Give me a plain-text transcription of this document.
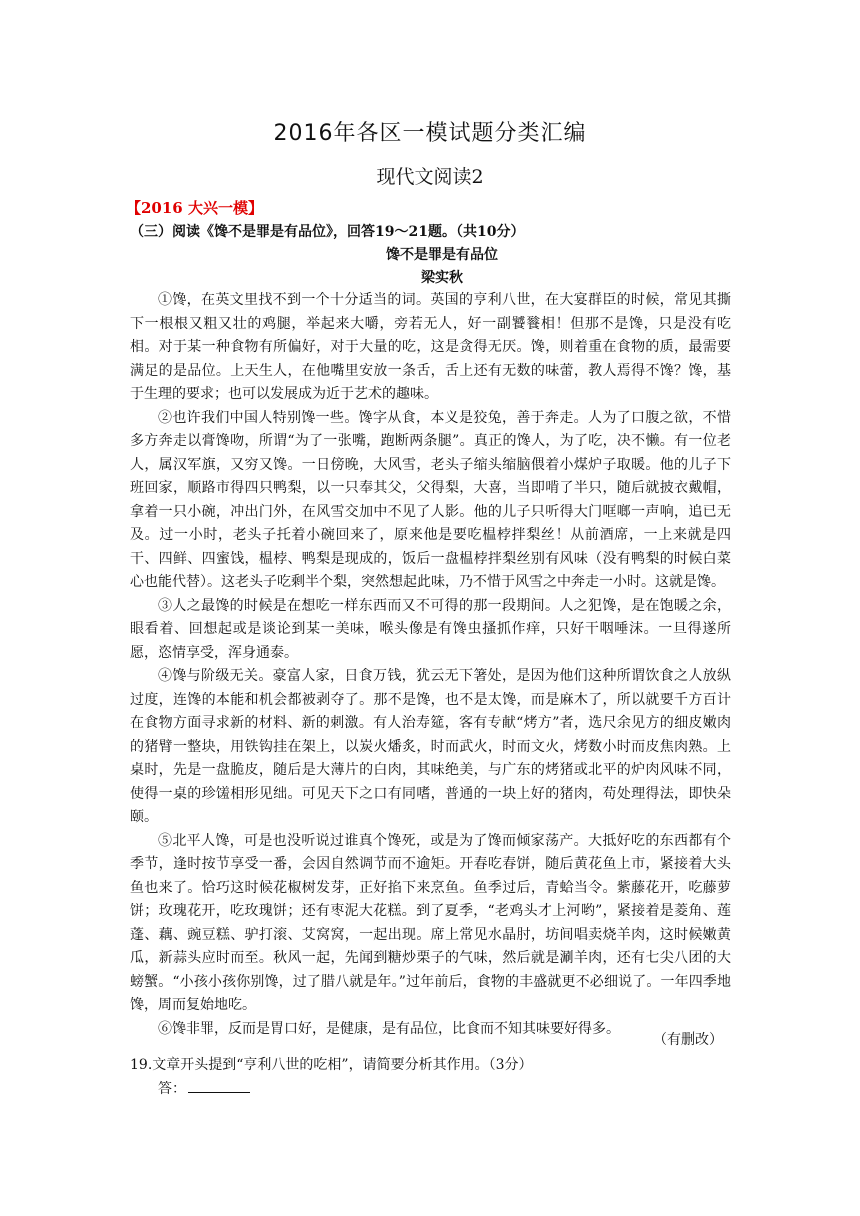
2016年各区一模试题分类汇编
现代文阅读2
【2016 大兴一模】
（三）阅读《馋不是罪是有品位》，回答19～21题。（共10分）
馋不是罪是有品位
梁实秋

①馋，在英文里找不到一个十分适当的词。英国的亨利八世，在大宴群臣的时候，常见其撕下一根根又粗又壮的鸡腿，举起来大嚼，旁若无人，好一副饕餮相！但那不是馋，只是没有吃相。对于某一种食物有所偏好，对于大量的吃，这是贪得无厌。馋，则着重在食物的质，最需要满足的是品位。上天生人，在他嘴里安放一条舌，舌上还有无数的味蕾，教人焉得不馋？馋，基于生理的要求；也可以发展成为近于艺术的趣味。

②也许我们中国人特别馋一些。馋字从食，本义是狡兔，善于奔走。人为了口腹之欲，不惜多方奔走以膏馋吻，所谓“为了一张嘴，跑断两条腿”。真正的馋人，为了吃，决不懒。有一位老人，属汉军旗，又穷又馋。一日傍晚，大风雪，老头子缩头缩脑偎着小煤炉子取暖。他的儿子下班回家，顺路市得四只鸭梨，以一只奉其父，父得梨，大喜，当即啃了半只，随后就披衣戴帽，拿着一只小碗，冲出门外，在风雪交加中不见了人影。他的儿子只听得大门哐啷一声响，追已无及。过一小时，老头子托着小碗回来了，原来他是要吃榅桲拌梨丝！从前酒席，一上来就是四干、四鲜、四蜜饯，榅桲、鸭梨是现成的，饭后一盘榅桲拌梨丝别有风味（没有鸭梨的时候白菜心也能代替）。这老头子吃剩半个梨，突然想起此味，乃不惜于风雪之中奔走一小时。这就是馋。

③人之最馋的时候是在想吃一样东西而又不可得的那一段期间。人之犯馋，是在饱暖之余，眼看着、回想起或是谈论到某一美味，喉头像是有馋虫搔抓作痒，只好干咽唾沫。一旦得遂所愿，恣情享受，浑身通泰。

④馋与阶级无关。豪富人家，日食万钱，犹云无下箸处，是因为他们这种所谓饮食之人放纵过度，连馋的本能和机会都被剥夺了。那不是馋，也不是太馋，而是麻木了，所以就要千方百计在食物方面寻求新的材料、新的刺激。有人治寿筵，客有专献“烤方”者，选尺余见方的细皮嫩肉的猪臂一整块，用铁钩挂在架上，以炭火燔炙，时而武火，时而文火，烤数小时而皮焦肉熟。上桌时，先是一盘脆皮，随后是大薄片的白肉，其味绝美，与广东的烤猪或北平的炉肉风味不同，使得一桌的珍馐相形见绌。可见天下之口有同嗜，普通的一块上好的猪肉，苟处理得法，即快朵颐。

⑤北平人馋，可是也没听说过谁真个馋死，或是为了馋而倾家荡产。大抵好吃的东西都有个季节，逢时按节享受一番，会因自然调节而不逾矩。开春吃春饼，随后黄花鱼上市，紧接着大头鱼也来了。恰巧这时候花椒树发芽，正好掐下来烹鱼。鱼季过后，青蛤当令。紫藤花开，吃藤萝饼；玫瑰花开，吃玫瑰饼；还有枣泥大花糕。到了夏季，“老鸡头才上河哟”，紧接着是菱角、莲蓬、藕、豌豆糕、驴打滚、艾窝窝，一起出现。席上常见水晶肘，坊间唱卖烧羊肉，这时候嫩黄瓜，新蒜头应时而至。秋风一起，先闻到糖炒栗子的气味，然后就是涮羊肉，还有七尖八团的大螃蟹。“小孩小孩你别馋，过了腊八就是年。”过年前后，食物的丰盛就更不必细说了。一年四季地馋，周而复始地吃。

⑥馋非罪，反而是胃口好，是健康，是有品位，比食而不知其味要好得多。

（有删改）
19.文章开头提到“亨利八世的吃相”，请简要分析其作用。（3分）
答：
